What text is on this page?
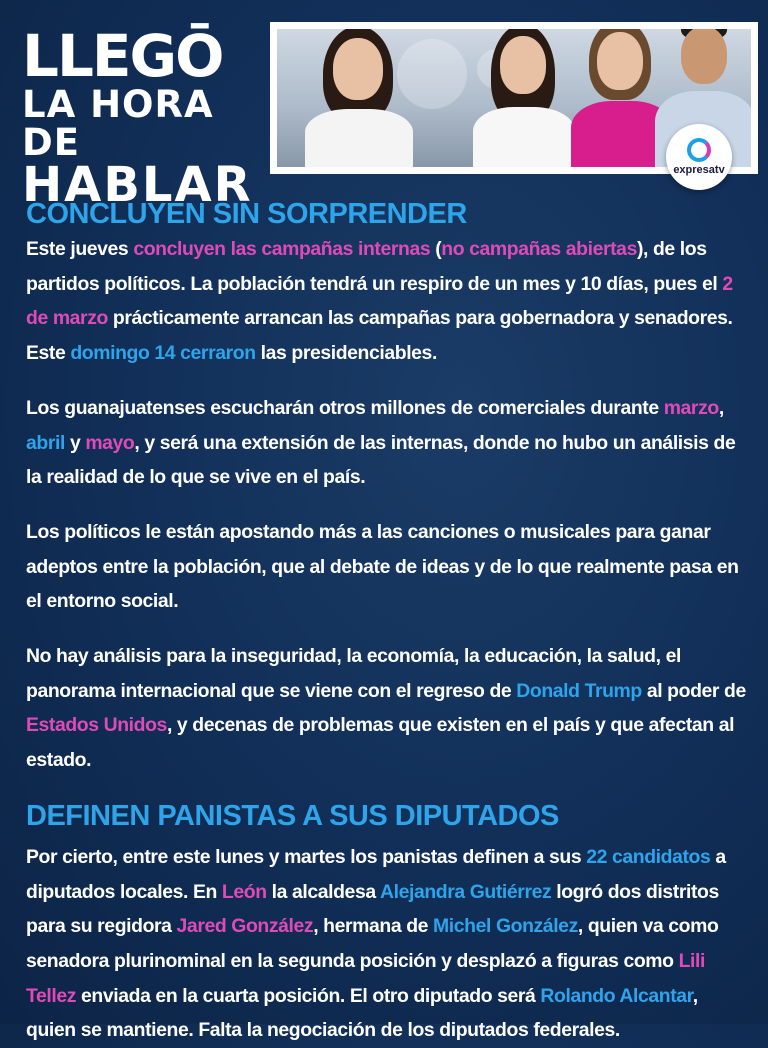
LLEGŌ
LA HORA DE
HABLAR	expresatv
CONCLUYEN SIN SORPRENDER

Este jueves concluyen las campañas internas (no campañas abiertas), de los partidos políticos. La población tendrá un respiro de un mes y 10 días, pues el 2 de marzo prácticamente arrancan las campañas para gobernadora y senadores. Este domingo 14 cerraron las presidenciables.

Los guanajuatenses escucharán otros millones de comerciales durante marzo, abril y mayo, y será una extensión de las internas, donde no hubo un análisis de la realidad de lo que se vive en el país.

Los políticos le están apostando más a las canciones o musicales para ganar adeptos entre la población, que al debate de ideas y de lo que realmente pasa en el entorno social.

No hay análisis para la inseguridad, la economía, la educación, la salud, el panorama internacional que se viene con el regreso de Donald Trump al poder de Estados Unidos, y decenas de problemas que existen en el país y que afectan al estado.

DEFINEN PANISTAS A SUS DIPUTADOS

Por cierto, entre este lunes y martes los panistas definen a sus 22 candidatos a diputados locales. En León la alcaldesa Alejandra Gutiérrez logró dos distritos para su regidora Jared González, hermana de Michel González, quien va como senadora plurinominal en la segunda posición y desplazó a figuras como Lili Tellez enviada en la cuarta posición. El otro diputado será Rolando Alcantar, quien se mantiene. Falta la negociación de los diputados federales.
